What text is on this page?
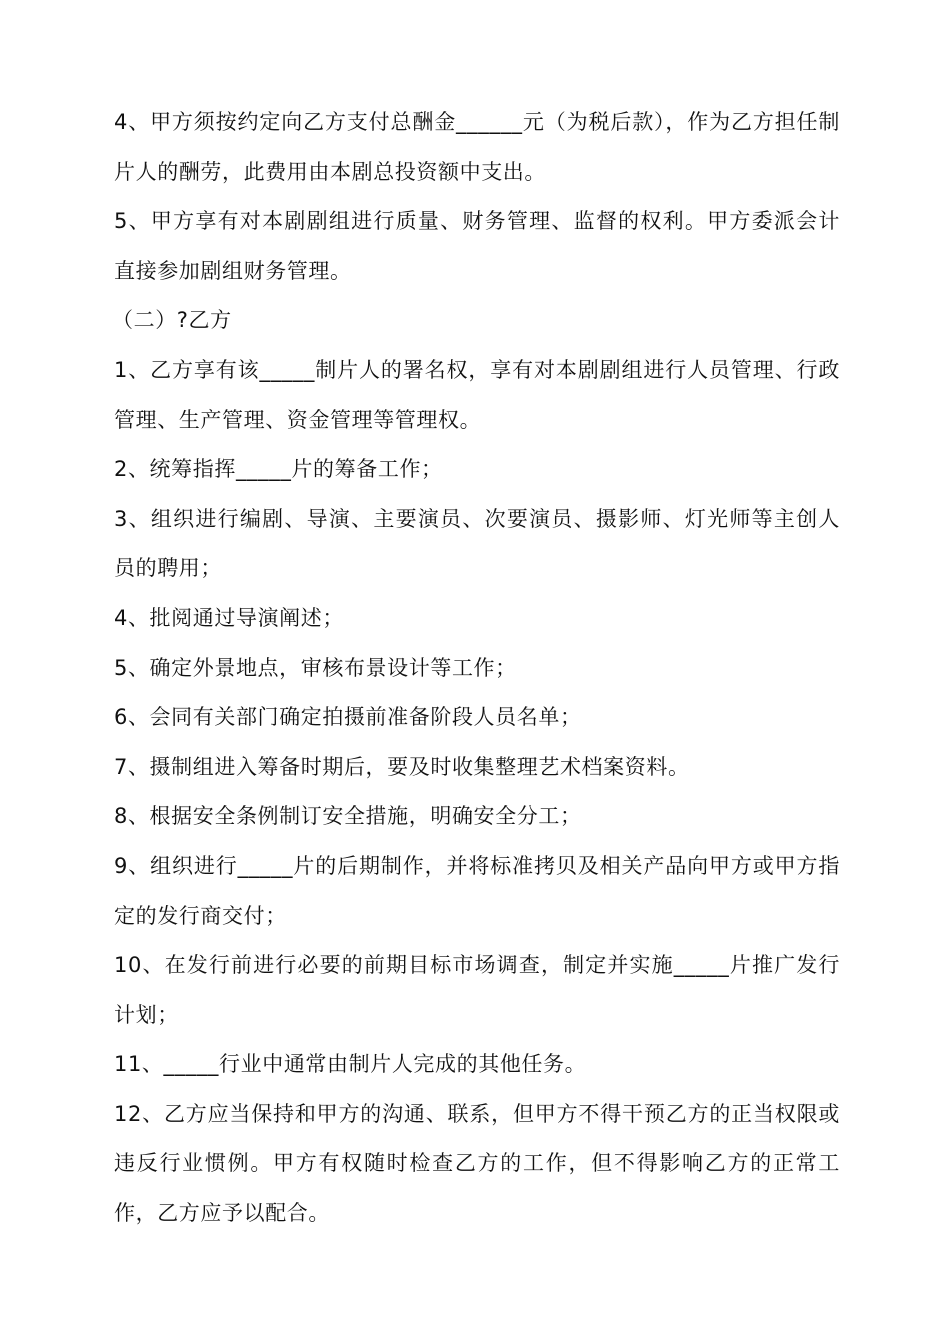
4、甲方须按约定向乙方支付总酬金______元（为税后款），作为乙方担任制片人的酬劳，此费用由本剧总投资额中支出。

5、甲方享有对本剧剧组进行质量、财务管理、监督的权利。甲方委派会计直接参加剧组财务管理。

（二）?乙方

1、乙方享有该_____制片人的署名权，享有对本剧剧组进行人员管理、行政管理、生产管理、资金管理等管理权。

2、统筹指挥_____片的筹备工作；

3、组织进行编剧、导演、主要演员、次要演员、摄影师、灯光师等主创人员的聘用；

4、批阅通过导演阐述；

5、确定外景地点，审核布景设计等工作；

6、会同有关部门确定拍摄前准备阶段人员名单；

7、摄制组进入筹备时期后，要及时收集整理艺术档案资料。

8、根据安全条例制订安全措施，明确安全分工；

9、组织进行_____片的后期制作，并将标准拷贝及相关产品向甲方或甲方指定的发行商交付；

10、在发行前进行必要的前期目标市场调查，制定并实施_____片推广发行计划；

11、_____行业中通常由制片人完成的其他任务。

12、乙方应当保持和甲方的沟通、联系，但甲方不得干预乙方的正当权限或违反行业惯例。甲方有权随时检查乙方的工作，但不得影响乙方的正常工作，乙方应予以配合。
